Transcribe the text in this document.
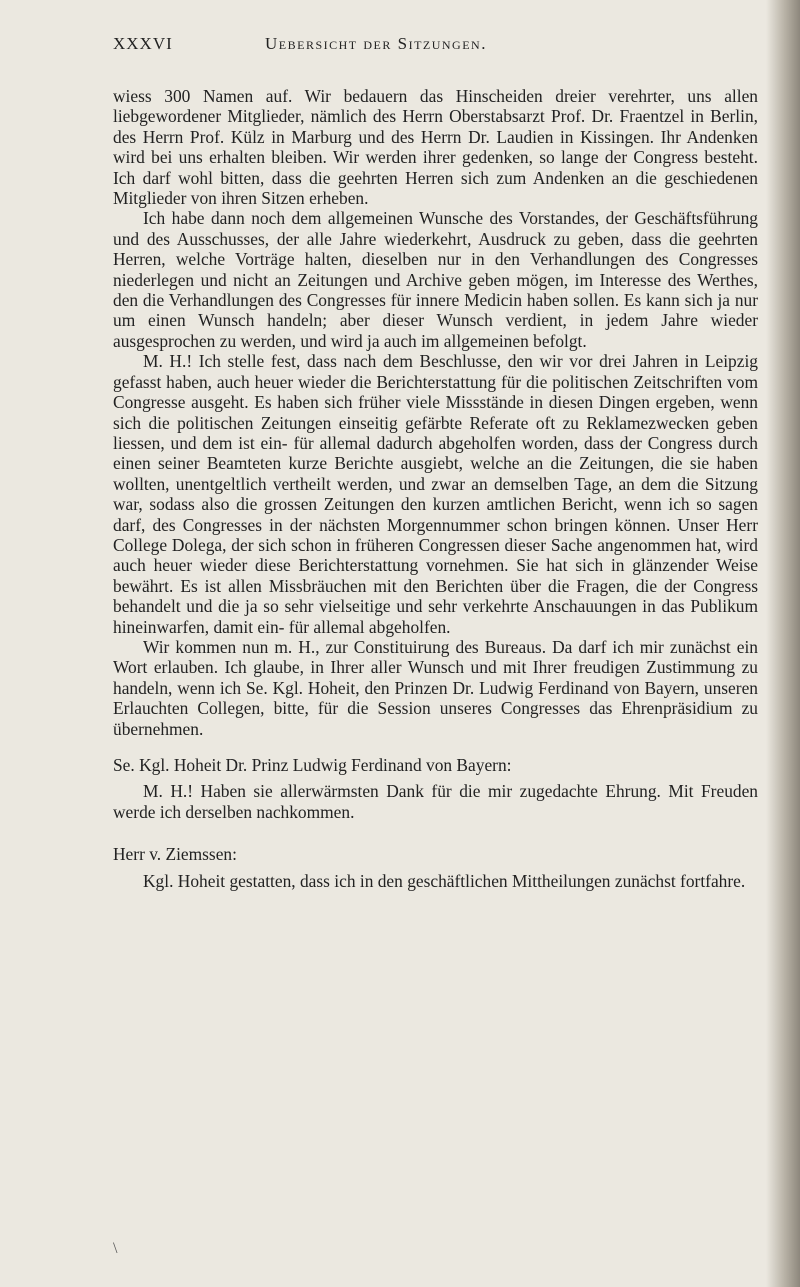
XXXVI	Uebersicht der Sitzungen.

wiess 300 Namen auf. Wir bedauern das Hinscheiden dreier verehrter, uns allen liebgewordener Mitglieder, nämlich des Herrn Oberstabsarzt Prof. Dr. Fraentzel in Berlin, des Herrn Prof. Külz in Marburg und des Herrn Dr. Laudien in Kissingen. Ihr Andenken wird bei uns erhalten bleiben. Wir werden ihrer gedenken, so lange der Congress besteht. Ich darf wohl bitten, dass die geehrten Herren sich zum Andenken an die geschiedenen Mitglieder von ihren Sitzen erheben.

Ich habe dann noch dem allgemeinen Wunsche des Vorstandes, der Geschäftsführung und des Ausschusses, der alle Jahre wiederkehrt, Ausdruck zu geben, dass die geehrten Herren, welche Vorträge halten, dieselben nur in den Verhandlungen des Congresses niederlegen und nicht an Zeitungen und Archive geben mögen, im Interesse des Werthes, den die Verhandlungen des Congresses für innere Medicin haben sollen. Es kann sich ja nur um einen Wunsch handeln; aber dieser Wunsch verdient, in jedem Jahre wieder ausgesprochen zu werden, und wird ja auch im allgemeinen befolgt.

M. H.! Ich stelle fest, dass nach dem Beschlusse, den wir vor drei Jahren in Leipzig gefasst haben, auch heuer wieder die Berichterstattung für die politischen Zeitschriften vom Congresse ausgeht. Es haben sich früher viele Missstände in diesen Dingen ergeben, wenn sich die politischen Zeitungen einseitig gefärbte Referate oft zu Reklamezwecken geben liessen, und dem ist ein- für allemal dadurch abgeholfen worden, dass der Congress durch einen seiner Beamteten kurze Berichte ausgiebt, welche an die Zeitungen, die sie haben wollten, unentgeltlich vertheilt werden, und zwar an demselben Tage, an dem die Sitzung war, sodass also die grossen Zeitungen den kurzen amtlichen Bericht, wenn ich so sagen darf, des Congresses in der nächsten Morgennummer schon bringen können. Unser Herr College Dolega, der sich schon in früheren Congressen dieser Sache angenommen hat, wird auch heuer wieder diese Berichterstattung vornehmen. Sie hat sich in glänzender Weise bewährt. Es ist allen Missbräuchen mit den Berichten über die Fragen, die der Congress behandelt und die ja so sehr vielseitige und sehr verkehrte Anschauungen in das Publikum hineinwarfen, damit ein- für allemal abgeholfen.

Wir kommen nun m. H., zur Constituirung des Bureaus. Da darf ich mir zunächst ein Wort erlauben. Ich glaube, in Ihrer aller Wunsch und mit Ihrer freudigen Zustimmung zu handeln, wenn ich Se. Kgl. Hoheit, den Prinzen Dr. Ludwig Ferdinand von Bayern, unseren Erlauchten Collegen, bitte, für die Session unseres Congresses das Ehrenpräsidium zu übernehmen.

Se. Kgl. Hoheit Dr. Prinz Ludwig Ferdinand von Bayern:

M. H.! Haben sie allerwärmsten Dank für die mir zugedachte Ehrung. Mit Freuden werde ich derselben nachkommen.

Herr v. Ziemssen:

Kgl. Hoheit gestatten, dass ich in den geschäftlichen Mittheilungen zunächst fortfahre.

\
